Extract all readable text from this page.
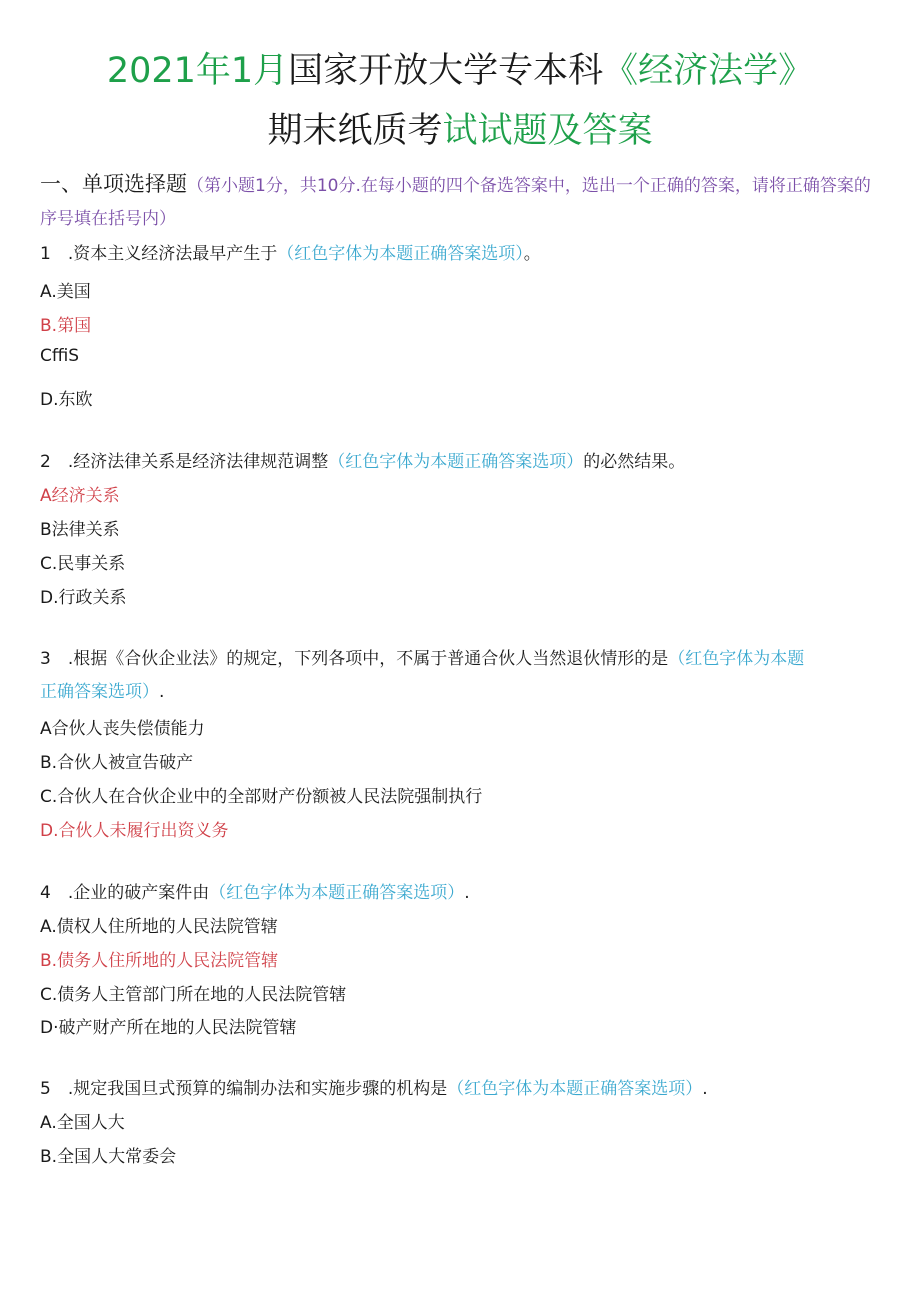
2021年1月国家开放大学专本科《经济法学》
期末纸质考试试题及答案
一、单项选择题（第小题1分，共10分.在每小题的四个备选答案中，选出一个正确的答案，请将正确答案的序号填在括号内）
1　.资本主义经济法最早产生于（红色字体为本题正确答案选项）。
A.美国
B.第国
CffiS
D.东欧
2　.经济法律关系是经济法律规范调整（红色字体为本题正确答案选项）的必然结果。
A经济关系
B法律关系
C.民事关系
D.行政关系
3　.根据《合伙企业法》的规定，下列各项中，不属于普通合伙人当然退伙情形的是（红色字体为本题
正确答案选项）.
A合伙人丧失偿债能力
B.合伙人被宣告破产
C.合伙人在合伙企业中的全部财产份额被人民法院强制执行
D.合伙人未履行出资义务
4　.企业的破产案件由（红色字体为本题正确答案选项）.
A.债权人住所地的人民法院管辖
B.债务人住所地的人民法院管辖
C.债务人主管部门所在地的人民法院管辖
D·破产财产所在地的人民法院管辖
5　.规定我国旦式预算的编制办法和实施步骤的机构是（红色字体为本题正确答案选项）.
A.全国人大
B.全国人大常委会
